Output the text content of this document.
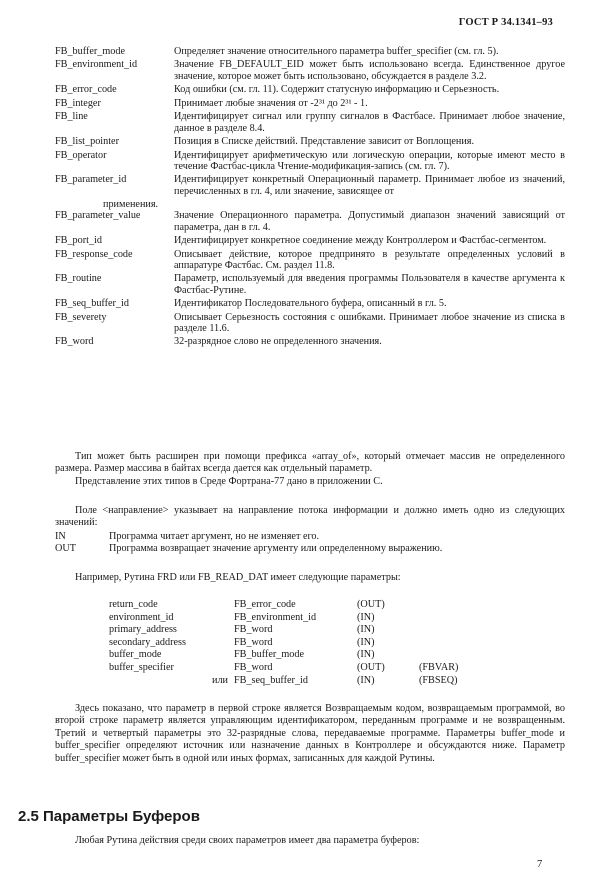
ГОСТ Р 34.1341–93
FB_buffer_mode	Определяет значение относительного параметра buffer_specifier (см. гл. 5).
FB_environment_id	Значение FB_DEFAULT_EID может быть использовано всегда. Единственное другое значение, которое может быть использовано, обсуждается в разделе 3.2.
FB_error_code	Код ошибки (см. гл. 11). Содержит статусную информацию и Серьезность.
FB_integer	Принимает любые значения от -2³¹ до 2³¹ - 1.
FB_line	Идентифицирует сигнал или группу сигналов в Фастбасе. Принимает любое значение, данное в разделе 8.4.
FB_list_pointer	Позиция в Списке действий. Представление зависит от Воплощения.
FB_operator	Идентифицирует арифметическую или логическую операции, которые имеют место в течение Фастбас-цикла Чтение-модификация-запись (см. гл. 7).
FB_parameter_id	Идентифицирует конкретный Операционный параметр. Принимает любое из значений, перечисленных в гл. 4, или значение, зависящее от
применения.
FB_parameter_value	Значение Операционного параметра. Допустимый диапазон значений зависящий от параметра, дан в гл. 4.
FB_port_id	Идентифицирует конкретное соединение между Контроллером и Фастбас-сегментом.
FB_response_code	Описывает действие, которое предпринято в результате определенных условий в аппаратуре Фастбас. См. раздел 11.8.
FB_routine	Параметр, используемый для введения программы Пользователя в качестве аргумента к Фастбас-Рутине.
FB_seq_buffer_id	Идентификатор Последовательного буфера, описанный в гл. 5.
FB_severety	Описывает Серьезность состояния с ошибками. Принимает любое значение из списка в разделе 11.6.
FB_word	32-разрядное слово не определенного значения.
Тип может быть расширен при помощи префикса «array_of», который отмечает массив не определенного размера. Размер массива в байтах всегда дается как отдельный параметр.
Представление этих типов в Среде Фортрана-77 дано в приложении С.
Поле <направление> указывает на направление потока информации и должно иметь одно из следующих значений:
IN	Программа читает аргумент, но не изменяет его.
OUT	Программа возвращает значение аргументу или определенному выражению.
Например, Рутина FRD или FB_READ_DAT имеет следующие параметры:
return_code	FB_error_code	(OUT)	
environment_id	FB_environment_id	(IN)	
primary_address	FB_word	(IN)	
secondary_address	FB_word	(IN)	
buffer_mode	FB_buffer_mode	(IN)	
buffer_specifier	FB_word	(OUT)	(FBVAR)
	или FB_seq_buffer_id	(IN)	(FBSEQ)
Здесь показано, что параметр в первой строке является Возвращаемым кодом, возвращаемым программой, во второй строке параметр является управляющим идентификатором, переданным программе и не возвращенным. Третий и четвертый параметры это 32-разрядные слова, передаваемые программе. Параметры buffer_mode и buffer_specifier определяют источник или назначение данных в Контроллере и обсуждаются ниже. Параметр buffer_specifier может быть в одной или иных формах, записанных для каждой Рутины.
2.5 Параметры Буферов
Любая Рутина действия среди своих параметров имеет два параметра буферов:
7
